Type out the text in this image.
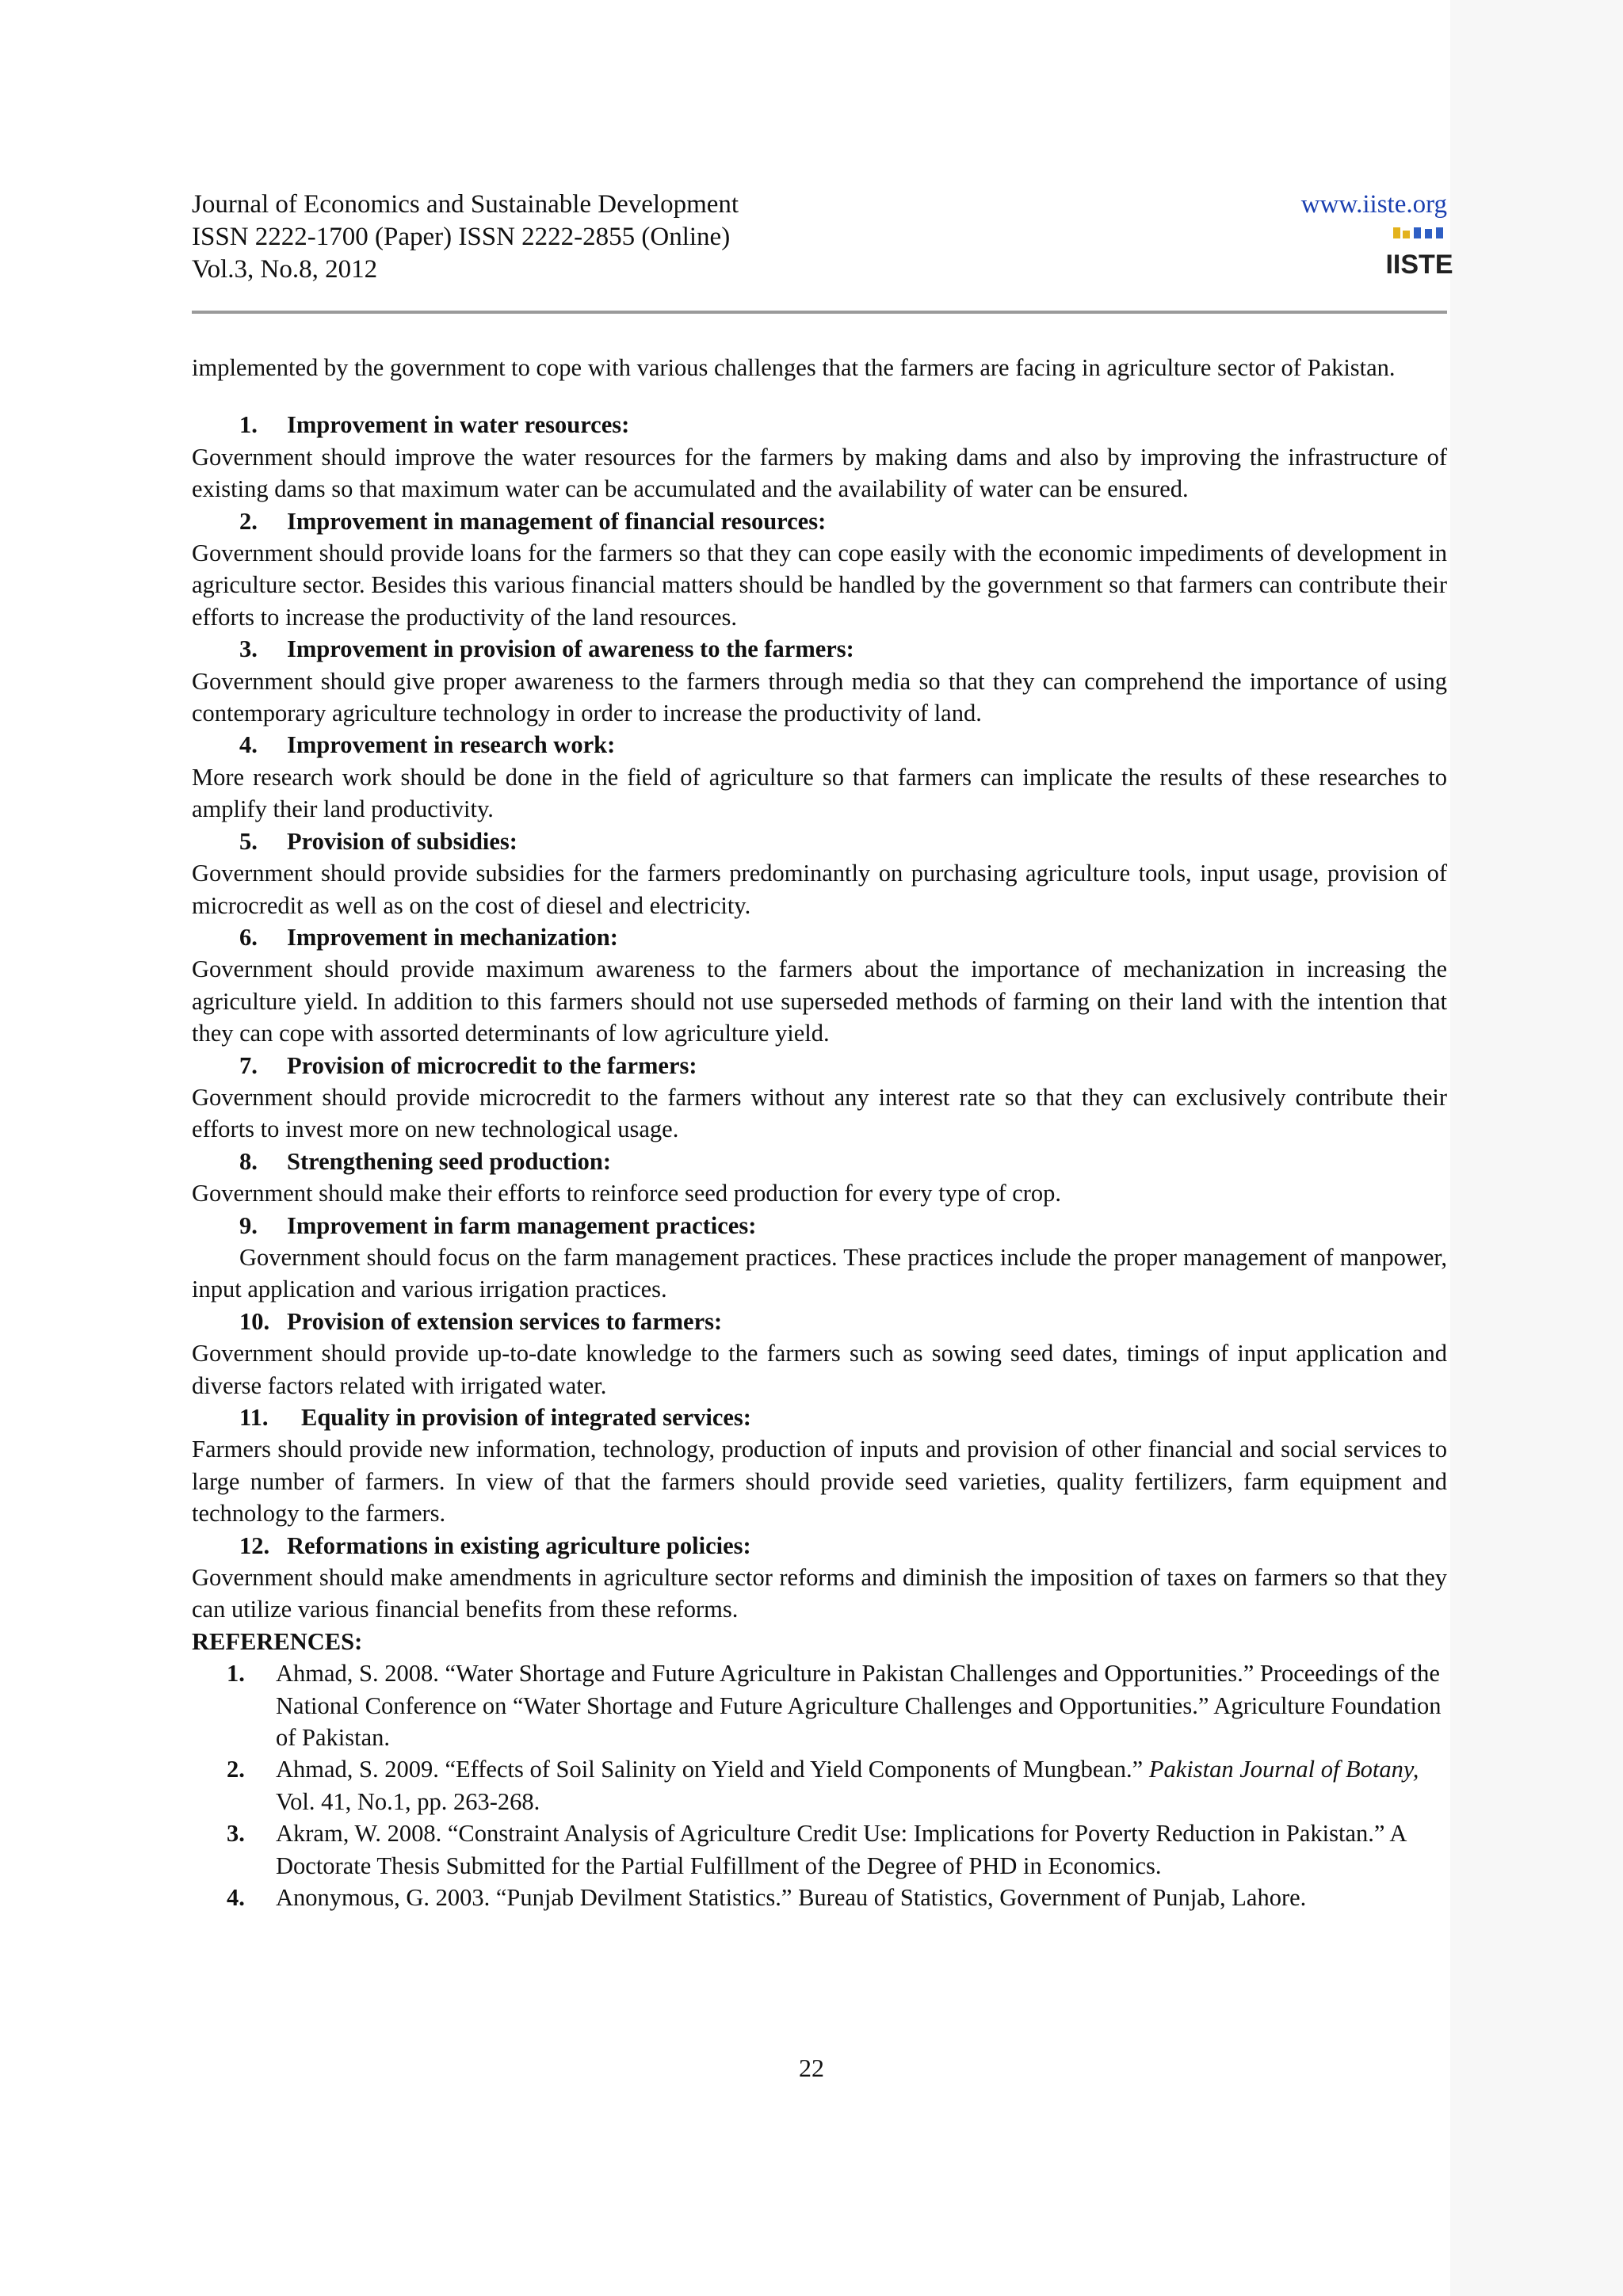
Journal of Economics and Sustainable Development
ISSN 2222-1700 (Paper) ISSN 2222-2855 (Online)
Vol.3, No.8, 2012
www.iiste.org
IISTE

implemented by the government to cope with various challenges that the farmers are facing in agriculture sector of Pakistan.

1. Improvement in water resources:

Government should improve the water resources for the farmers by making dams and also by improving the infrastructure of existing dams so that maximum water can be accumulated and the availability of water can be ensured.

2. Improvement in management of financial resources:

Government should provide loans for the farmers so that they can cope easily with the economic impediments of development in agriculture sector. Besides this various financial matters should be handled by the government so that farmers can contribute their efforts to increase the productivity of the land resources.

3. Improvement in provision of awareness to the farmers:

Government should give proper awareness to the farmers through media so that they can comprehend the importance of using contemporary agriculture technology in order to increase the productivity of land.

4. Improvement in research work:

More research work should be done in the field of agriculture so that farmers can implicate the results of these researches to amplify their land productivity.

5. Provision of subsidies:

Government should provide subsidies for the farmers predominantly on purchasing agriculture tools, input usage, provision of microcredit as well as on the cost of diesel and electricity.

6. Improvement in mechanization:

Government should provide maximum awareness to the farmers about the importance of mechanization in increasing the agriculture yield. In addition to this farmers should not use superseded methods of farming on their land with the intention that they can cope with assorted determinants of low agriculture yield.

7. Provision of microcredit to the farmers:

Government should provide microcredit to the farmers without any interest rate so that they can exclusively contribute their efforts to invest more on new technological usage.

8. Strengthening seed production:

Government should make their efforts to reinforce seed production for every type of crop.

9. Improvement in farm management practices:

Government should focus on the farm management practices. These practices include the proper management of manpower, input application and various irrigation practices.

10. Provision of extension services to farmers:

Government should provide up-to-date knowledge to the farmers such as sowing seed dates, timings of input application and diverse factors related with irrigated water.

11. Equality in provision of integrated services:

Farmers should provide new information, technology, production of inputs and provision of other financial and social services to large number of farmers. In view of that the farmers should provide seed varieties, quality fertilizers, farm equipment and technology to the farmers.

12. Reformations in existing agriculture policies:

Government should make amendments in agriculture sector reforms and diminish the imposition of taxes on farmers so that they can utilize various financial benefits from these reforms.

REFERENCES:

1. Ahmad, S. 2008. “Water Shortage and Future Agriculture in Pakistan Challenges and Opportunities.” Proceedings of the National Conference on “Water Shortage and Future Agriculture Challenges and Opportunities.” Agriculture Foundation of Pakistan.
2. Ahmad, S. 2009. “Effects of Soil Salinity on Yield and Yield Components of Mungbean.” Pakistan Journal of Botany, Vol. 41, No.1, pp. 263-268.
3. Akram, W. 2008. “Constraint Analysis of Agriculture Credit Use: Implications for Poverty Reduction in Pakistan.” A Doctorate Thesis Submitted for the Partial Fulfillment of the Degree of PHD in Economics.
4. Anonymous, G. 2003. “Punjab Devilment Statistics.” Bureau of Statistics, Government of Punjab, Lahore.
22
